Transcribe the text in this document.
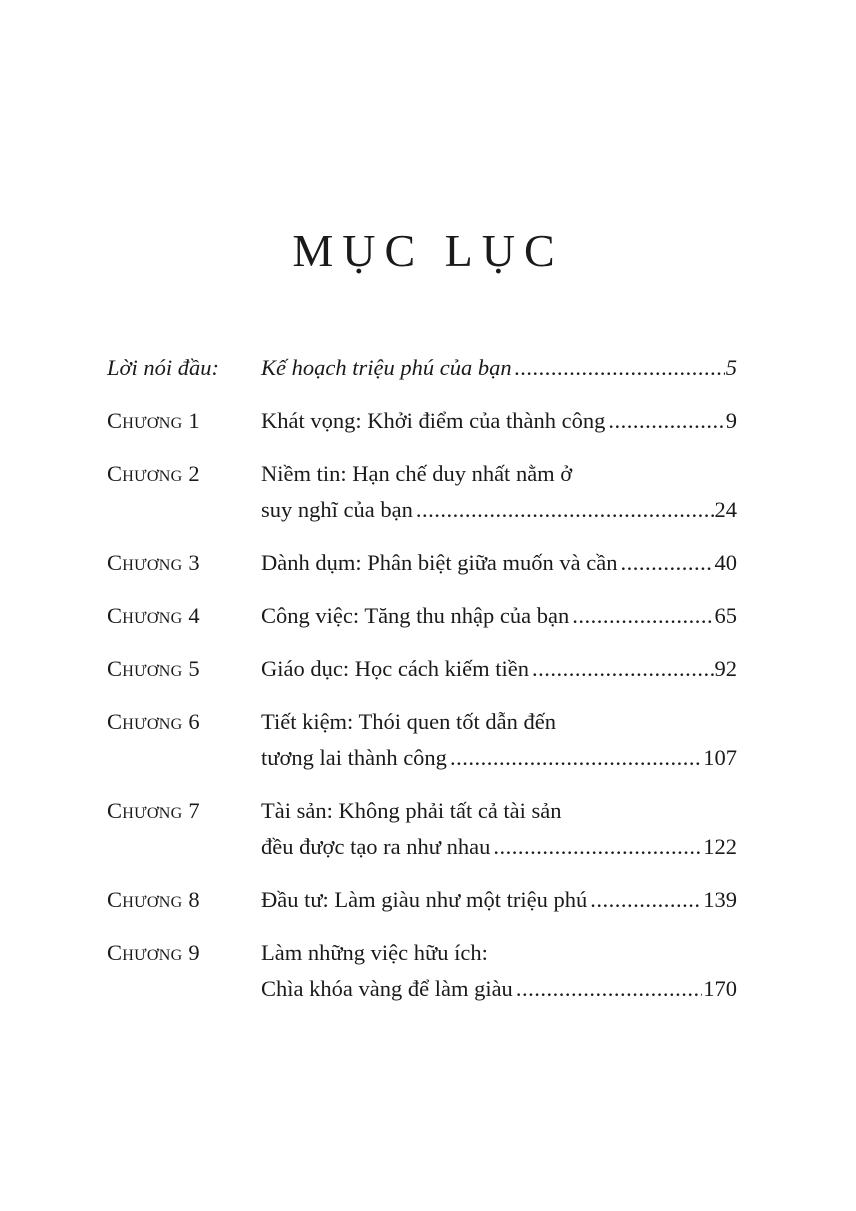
MỤC LỤC
Lời nói đầu:	Kế hoạch triệu phú của bạn .....	5
Chương 1	Khát vọng: Khởi điểm của thành công .....	9
Chương 2	Niềm tin: Hạn chế duy nhất nằm ở
suy nghĩ của bạn .....	24
Chương 3	Dành dụm: Phân biệt giữa muốn và cần .....	40
Chương 4	Công việc: Tăng thu nhập của bạn .....	65
Chương 5	Giáo dục: Học cách kiếm tiền .....	92
Chương 6	Tiết kiệm: Thói quen tốt dẫn đến
tương lai thành công .....	107
Chương 7	Tài sản: Không phải tất cả tài sản
đều được tạo ra như nhau .....	122
Chương 8	Đầu tư: Làm giàu như một triệu phú .....	139
Chương 9	Làm những việc hữu ích:
Chìa khóa vàng để làm giàu .....	170
